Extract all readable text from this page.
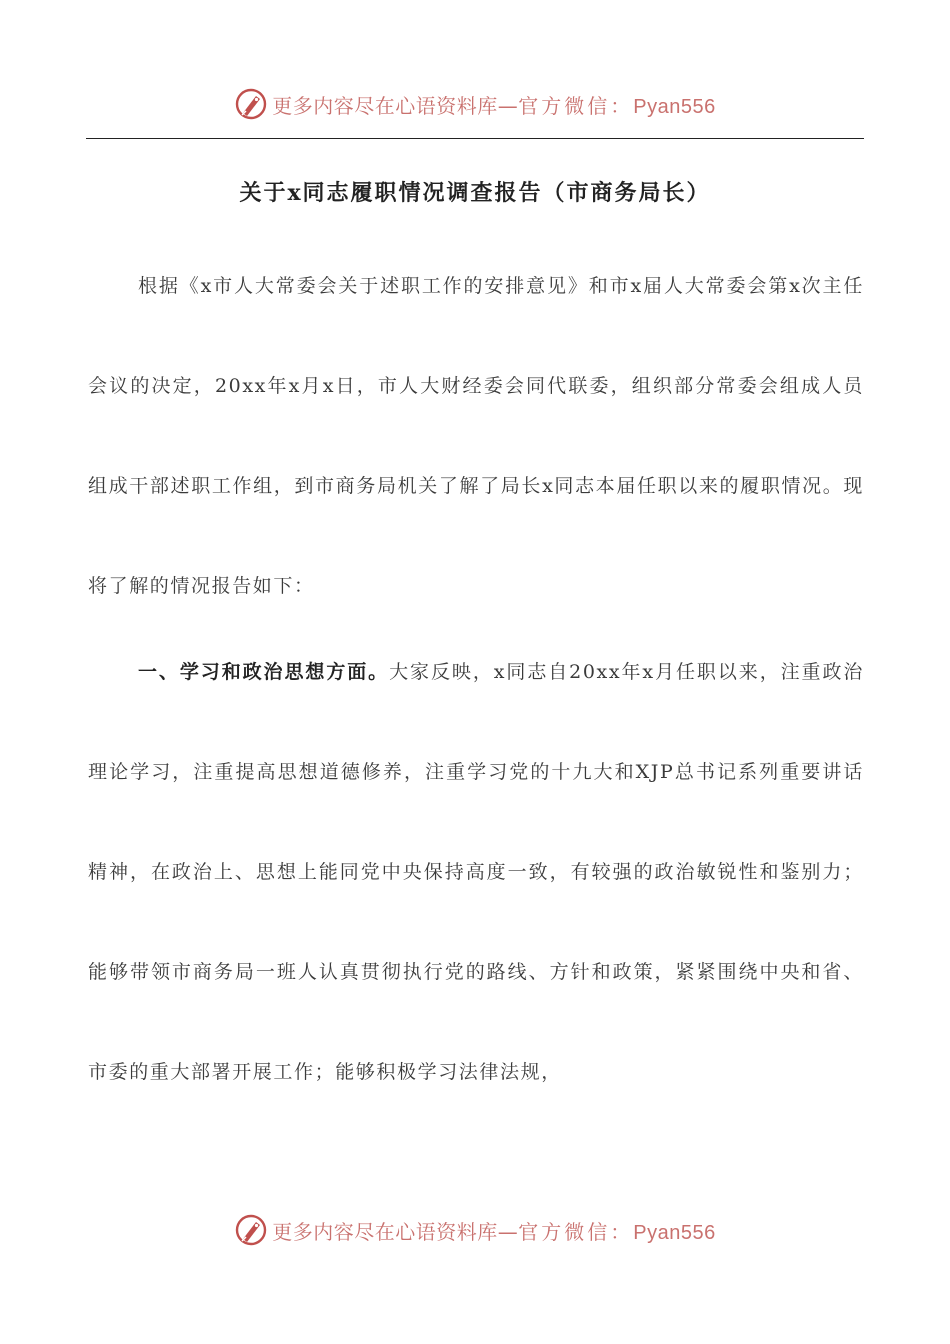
更多内容尽在心语资料库—官方微信：Pyan556
关于x同志履职情况调查报告（市商务局长）
根据《x市人大常委会关于述职工作的安排意见》和市x届人大常委会第x次主任会议的决定，20xx年x月x日，市人大财经委会同代联委，组织部分常委会组成人员组成干部述职工作组，到市商务局机关了解了局长x同志本届任职以来的履职情况。现将了解的情况报告如下：
一、学习和政治思想方面。大家反映，x同志自20xx年x月任职以来，注重政治理论学习，注重提高思想道德修养，注重学习党的十九大和XJP总书记系列重要讲话精神，在政治上、思想上能同党中央保持高度一致，有较强的政治敏锐性和鉴别力；能够带领市商务局一班人认真贯彻执行党的路线、方针和政策，紧紧围绕中央和省、市委的重大部署开展工作；能够积极学习法律法规，
更多内容尽在心语资料库—官方微信：Pyan556
